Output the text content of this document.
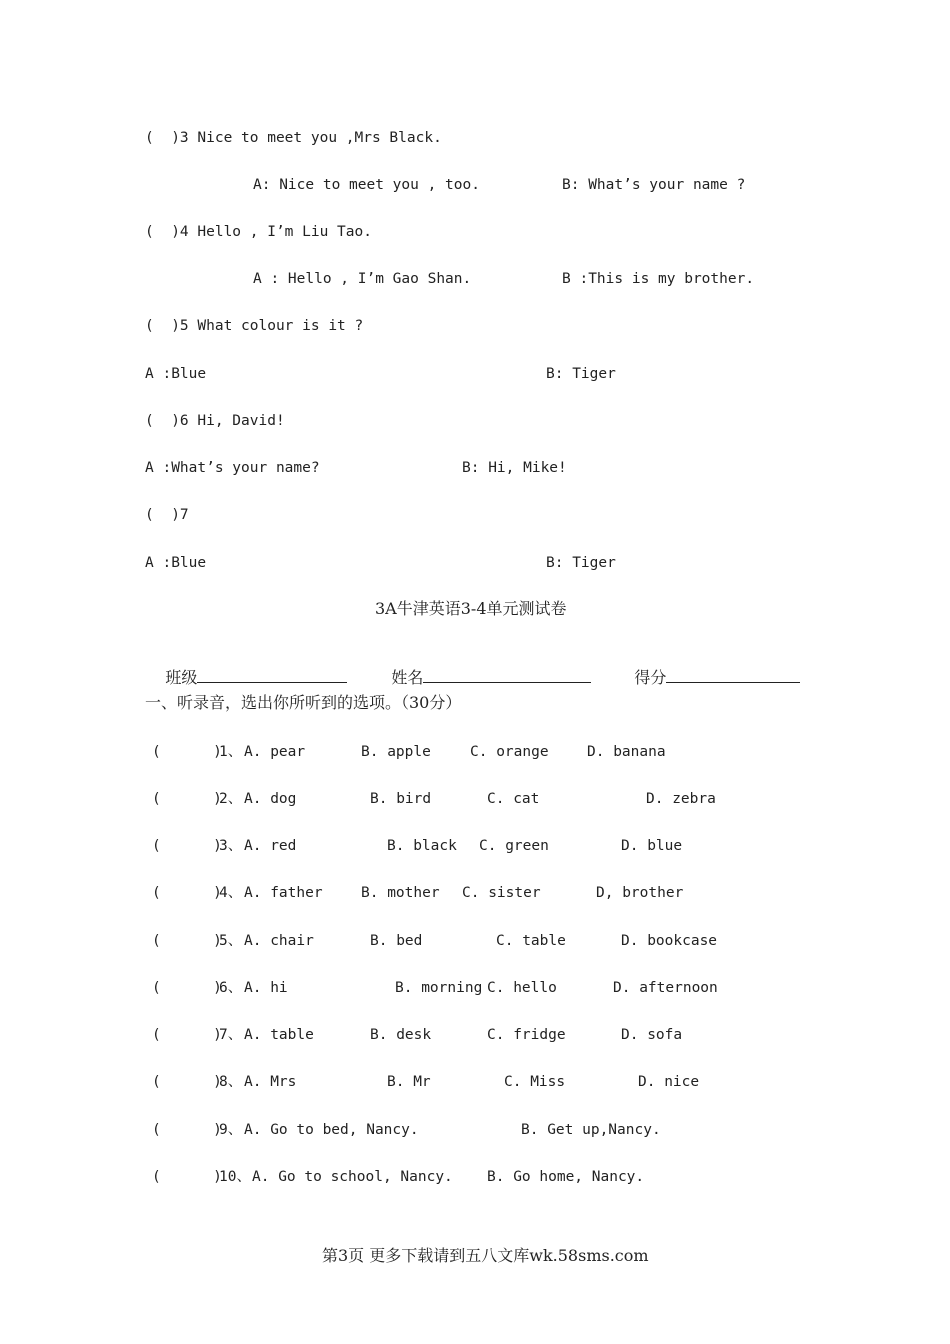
(  )3 Nice to meet you ,Mrs Black.
A: Nice to meet you , too.	B: What’s your name ?
(  )4 Hello , I’m Liu Tao.
A : Hello , I’m Gao Shan.	B :This is my brother.
(  )5 What colour is it ?
A :Blue	B: Tiger
(  )6 Hi, David!
A :What’s your name?	B: Hi, Mike!
(  )7
A :Blue	B: Tiger
3A牛津英语3-4单元测试卷

班级
	姓名
	得分

一、听录音，选出你所听到的选项。（30分）
(      )
1、 A. pear	B. apple	C. orange	D. banana
(      )
2、 A. dog	B. bird	C. cat	D. zebra
(      )
3、 A. red	B. black C. green	D. blue
(      )
4、 A. father	B. mother C. sister	D, brother
(      )
5、 A. chair	B. bed	C. table	D. bookcase
(      )
6、 A. hi	B. morning C. hello	D. afternoon
(      )
7、 A. table	B. desk	C. fridge	D. sofa
(      )
8、 A. Mrs	B. Mr	C. Miss	D. nice
(      )
9、 A. Go to bed, Nancy.	B. Get up,Nancy.
(      )
10、 A. Go to school, Nancy. B. Go home, Nancy.
第3页 更多下载请到五八文库wk.58sms.com
